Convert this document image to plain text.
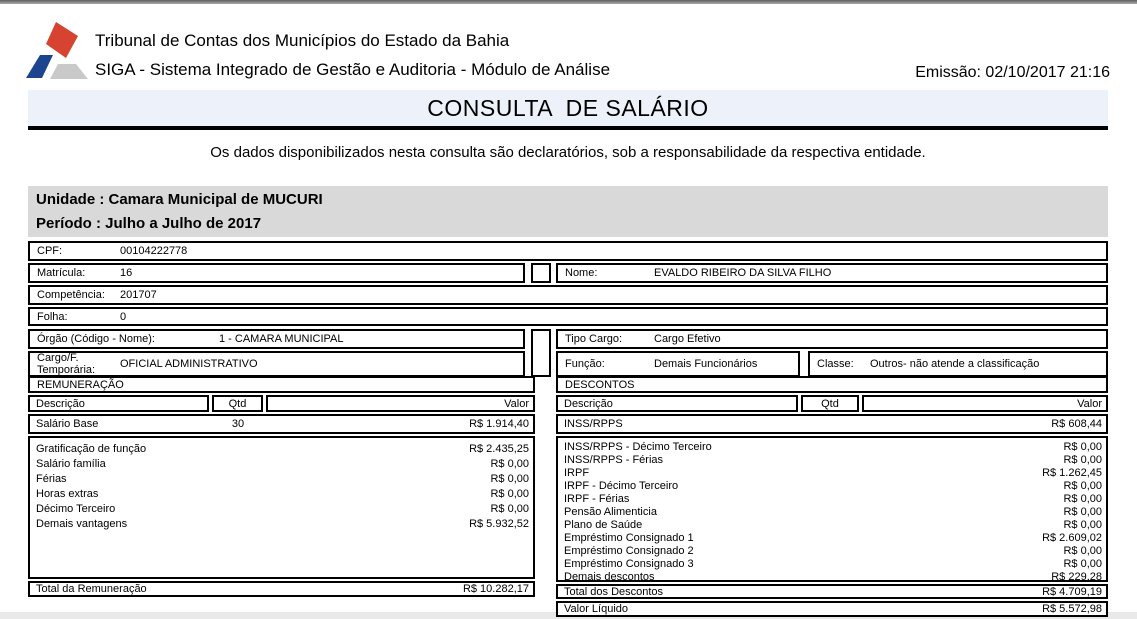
Tribunal de Contas dos Municípios do Estado da Bahia
SIGA - Sistema Integrado de Gestão e Auditoria - Módulo de Análise	Emissão: 02/10/2017 21:16
CONSULTA  DE SALÁRIO
Os dados disponibilizados nesta consulta são declaratórios, sob a responsabilidade da respectiva entidade.
Unidade : Camara Municipal de MUCURI
Período : Julho a Julho de 2017
CPF:	00104222778
Matrícula:	16	Nome:	EVALDO RIBEIRO DA SILVA FILHO
Competência:	201707
Folha:	0
Órgão (Código - Nome):	1 - CAMARA MUNICIPAL	Tipo Cargo:	Cargo Efetivo
Cargo/F. Temporária:	OFICIAL ADMINISTRATIVO	Função:	Demais Funcionários	Classe:	Outros- não atende a classificação
REMUNERAÇÃO
Descrição	Qtd	Valor
Salário Base	30	R$ 1.914,40
Gratificação de função	R$ 2.435,25
Salário família	R$ 0,00
Férias	R$ 0,00
Horas extras	R$ 0,00
Décimo Terceiro	R$ 0,00
Demais vantagens	R$ 5.932,52
Total da Remuneração	R$ 10.282,17
DESCONTOS
Descrição	Qtd	Valor
INSS/RPPS	R$ 608,44
INSS/RPPS - Décimo Terceiro	R$ 0,00
INSS/RPPS - Férias	R$ 0,00
IRPF	R$ 1.262,45
IRPF - Décimo Terceiro	R$ 0,00
IRPF - Férias	R$ 0,00
Pensão Alimenticia	R$ 0,00
Plano de Saúde	R$ 0,00
Empréstimo Consignado 1	R$ 2.609,02
Empréstimo Consignado 2	R$ 0,00
Empréstimo Consignado 3	R$ 0,00
Demais descontos	R$ 229,28
Total dos Descontos	R$ 4.709,19
Valor Líquido	R$ 5.572,98
